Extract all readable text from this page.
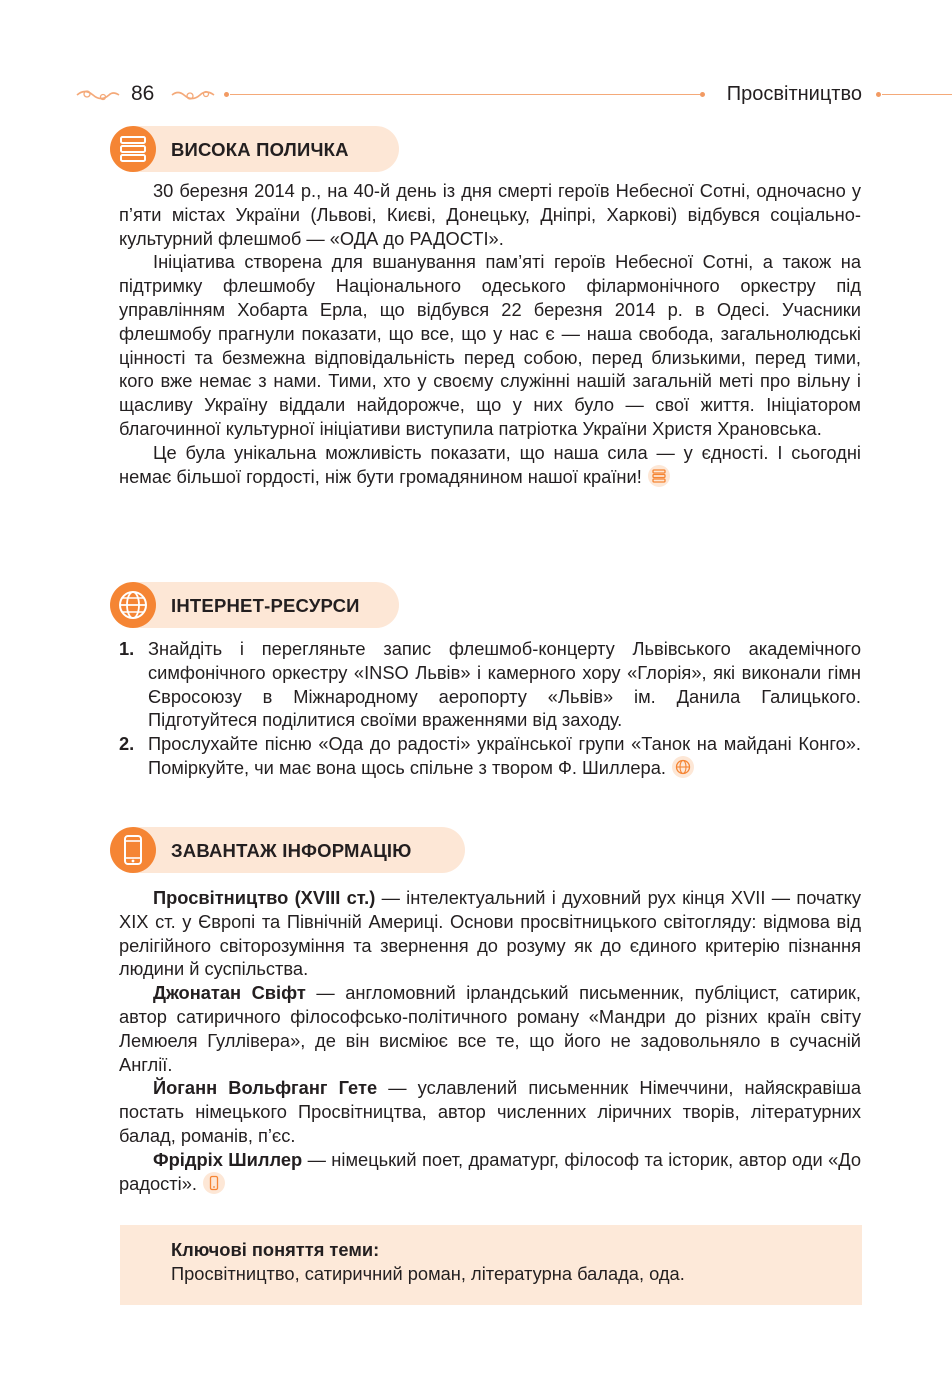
86	Просвітництво
ВИСОКА ПОЛИЧКА

30 березня 2014 р., на 40-й день із дня смерті героїв Небесної Сотні, одночасно у п’яти містах України (Львові, Києві, Донецьку, Дніпрі, Харкові) відбувся соціально-культурний флешмоб — «ОДА до РАДОСТІ».

Ініціатива створена для вшанування пам’яті героїв Небесної Сотні, а також на підтримку флешмобу Національного одеського філармонічного оркестру під управлінням Хобарта Ерла, що відбувся 22 березня 2014 р. в Одесі. Учасники флешмобу прагнули показати, що все, що у нас є — наша свобода, загальнолюдські цінності та безмежна відповідальність перед собою, перед близькими, перед тими, кого вже немає з нами. Тими, хто у своєму служінні нашій загальній меті про вільну і щасливу Україну віддали найдорожче, що у них було — свої життя. Ініціатором благочинної культурної ініціативи виступила патріотка України Христя Храновська.

Це була унікальна можливість показати, що наша сила — у єдності. І сьогодні немає більшої гордості, ніж бути громадянином нашої країни!

ІНТЕРНЕТ-РЕСУРСИ
1. Знайдіть і перегляньте запис флешмоб-концерту Львівського академічного симфонічного оркестру «INSO Львів» і камерного хору «Глорія», які виконали гімн Євросоюзу в Міжнародному аеропорту «Львів» ім. Данила Галицького. Підготуйтеся поділитися своїми враженнями від заходу.
2. Прослухайте пісню «Ода до радості» української групи «Танок на майдані Конго». Поміркуйте, чи має вона щось спільне з твором Ф. Шиллера.
ЗАВАНТАЖ ІНФОРМАЦІЮ

Просвітництво (XVIII ст.) — інтелектуальний і духовний рух кінця XVII — початку XIX ст. у Європі та Північній Америці. Основи просвітницького світогляду: відмова від релігійного світорозуміння та звернення до розуму як до єдиного критерію пізнання людини й суспільства.

Джонатан Свіфт — англомовний ірландський письменник, публіцист, сатирик, автор сатиричного філософсько-політичного роману «Мандри до різних країн світу Лемюеля Гуллівера», де він висміює все те, що його не задовольняло в сучасній Англії.

Йоганн Вольфганг Гете — уславлений письменник Німеччини, найяскравіша постать німецького Просвітництва, автор численних ліричних творів, літературних балад, романів, п’єс.

Фрідріх Шиллер — німецький поет, драматург, філософ та історик, автор оди «До радості».

Ключові поняття теми:
Просвітництво, сатиричний роман, літературна балада, ода.
